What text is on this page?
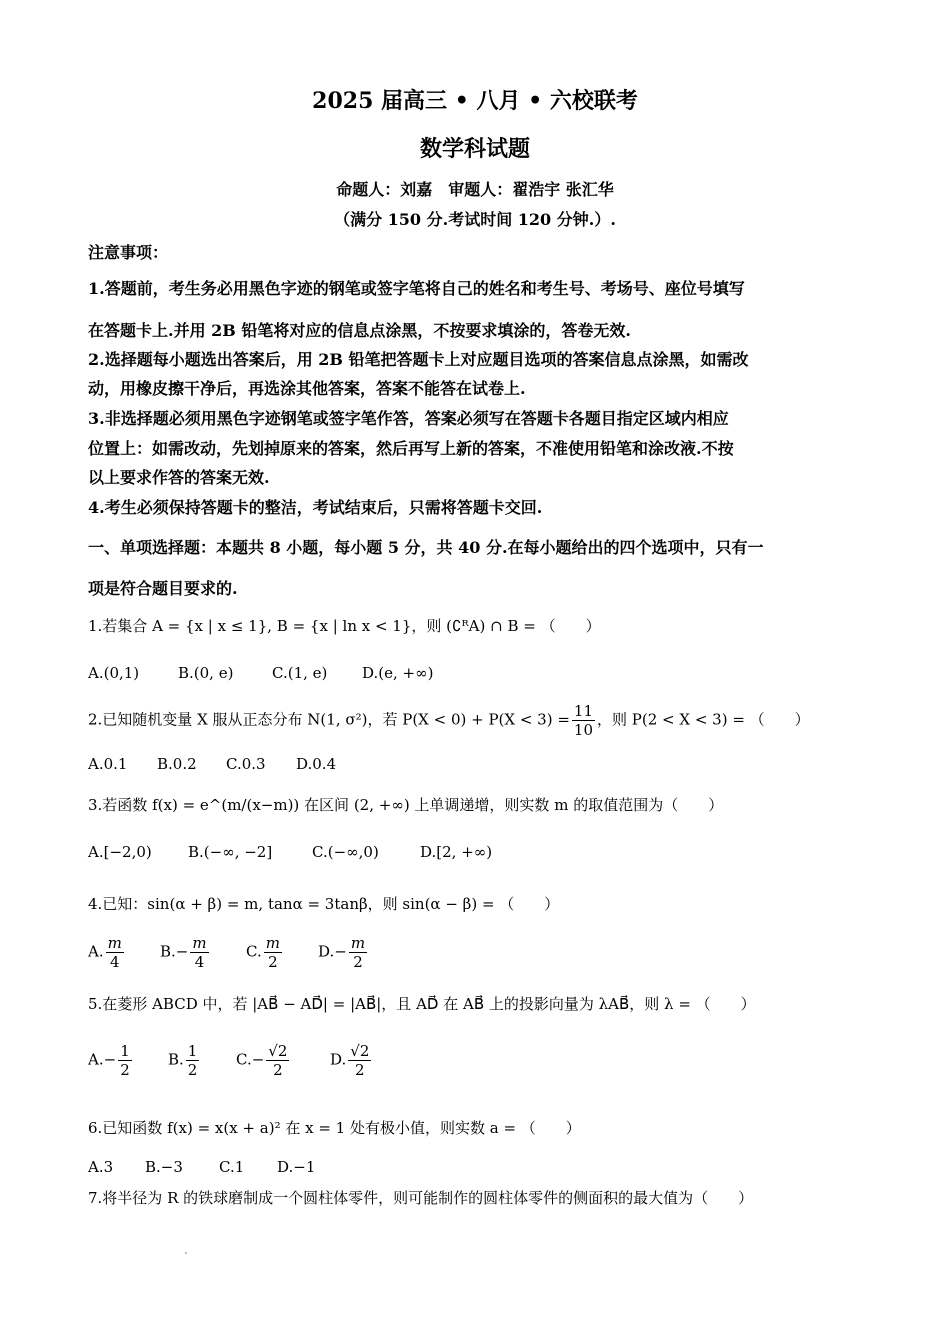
2025 届高三 • 八月 • 六校联考
数学科试题
命题人：刘嘉　审题人：翟浩宇 张汇华
（满分 150 分.考试时间 120 分钟.）.
注意事项：
1.答题前，考生务必用黑色字迹的钢笔或签字笔将自己的姓名和考生号、考场号、座位号填写
在答题卡上.并用 2B 铅笔将对应的信息点涂黑，不按要求填涂的，答卷无效.
2.选择题每小题选出答案后，用 2B 铅笔把答题卡上对应题目选项的答案信息点涂黑，如需改
动，用橡皮擦干净后，再选涂其他答案，答案不能答在试卷上.
3.非选择题必须用黑色字迹钢笔或签字笔作答，答案必须写在答题卡各题目指定区域内相应
位置上：如需改动，先划掉原来的答案，然后再写上新的答案，不准使用铅笔和涂改液.不按
以上要求作答的答案无效.
4.考生必须保持答题卡的整洁，考试结束后，只需将答题卡交回.
一、单项选择题：本题共 8 小题，每小题 5 分，共 40 分.在每小题给出的四个选项中，只有一
项是符合题目要求的.
1.若集合 A = {x | x ≤ 1}, B = {x | ln x < 1}，则 (∁ᴿA) ∩ B = （　　）
A.(0,1)	B.(0, e)	C.(1, e) D.(e, +∞)
2.已知随机变量 X 服从正态分布 N(1, σ²)，若 $P(X < 0) + P(X < 3) = \frac{11}{10}$ ，则 P(2 < X < 3) = （　　）
A.0.1 B.0.2 C.0.3 D.0.4
3.若函数 f(x) = e^(m/(x−m)) 在区间 (2, +∞) 上单调递增，则实数 m 的取值范围为（　　）
A.[−2,0) B.(−∞, −2]	C.(−∞,0)	D.[2, +∞)
4.已知：sin(α + β) = m, tanα = 3tanβ，则 sin(α − β) = （　　）
A. $\frac{m}{4} B.- \frac{m}{4} C$. $\frac{m}{2} D.- \frac{m}{2}$
5.在菱形 ABCD 中，若 |AB⃗ − AD⃗| = |AB⃗|，且 AD⃗ 在 AB⃗ 上的投影向量为 λAB⃗，则 λ = （　　）
$A.- \frac{1}{2} B$. $\frac{1}{2} C.- \frac{√2}{2}$	D. $\frac{√2}{2}$
6.已知函数 f(x) = x(x + a)² 在 x = 1 处有极小值，则实数 a = （　　）
A.3 B.−3 C.1 D.−1
7.将半径为 R 的铁球磨制成一个圆柱体零件，则可能制作的圆柱体零件的侧面积的最大值为（　　）
